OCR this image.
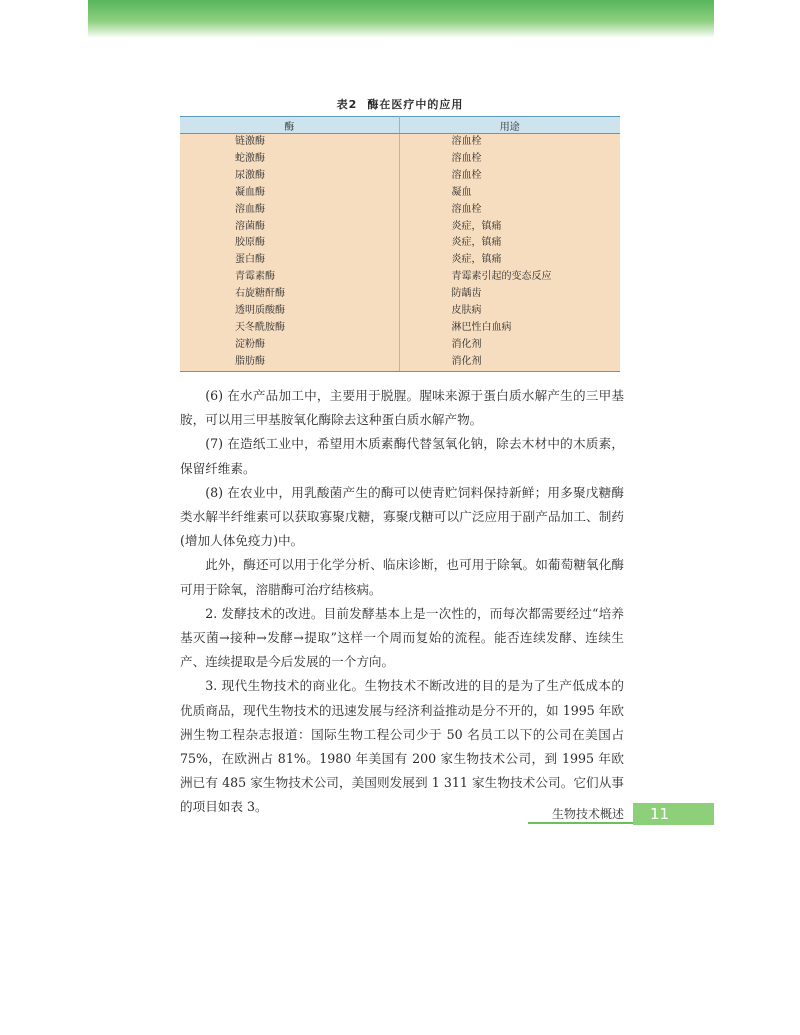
表2 酶在医疗中的应用
酶	用途
链激酶	溶血栓
蛇激酶	溶血栓
尿激酶	溶血栓
凝血酶	凝血
溶血酶	溶血栓
溶菌酶	炎症，镇痛
胶原酶	炎症，镇痛
蛋白酶	炎症，镇痛
青霉素酶	青霉素引起的变态反应
右旋糖酐酶	防龋齿
透明质酸酶	皮肤病
天冬酰胺酶	淋巴性白血病
淀粉酶	消化剂
脂肪酶	消化剂

(6) 在水产品加工中，主要用于脱腥。腥味来源于蛋白质水解产生的三甲基胺，可以用三甲基胺氧化酶除去这种蛋白质水解产物。

(7) 在造纸工业中，希望用木质素酶代替氢氧化钠，除去木材中的木质素，保留纤维素。

(8) 在农业中，用乳酸菌产生的酶可以使青贮饲料保持新鲜；用多聚戊糖酶类水解半纤维素可以获取寡聚戊糖，寡聚戊糖可以广泛应用于副产品加工、制药(增加人体免疫力)中。

此外，酶还可以用于化学分析、临床诊断，也可用于除氧。如葡萄糖氧化酶可用于除氧，溶腊酶可治疗结核病。

2. 发酵技术的改进。目前发酵基本上是一次性的，而每次都需要经过“培养基灭菌→接种→发酵→提取”这样一个周而复始的流程。能否连续发酵、连续生产、连续提取是今后发展的一个方向。

3. 现代生物技术的商业化。生物技术不断改进的目的是为了生产低成本的优质商品，现代生物技术的迅速发展与经济利益推动是分不开的，如 1995 年欧洲生物工程杂志报道：国际生物工程公司少于 50 名员工以下的公司在美国占 75%，在欧洲占 81%。1980 年美国有 200 家生物技术公司，到 1995 年欧洲已有 485 家生物技术公司，美国则发展到 1 311 家生物技术公司。它们从事的项目如表 3。	生物技术概述	11
